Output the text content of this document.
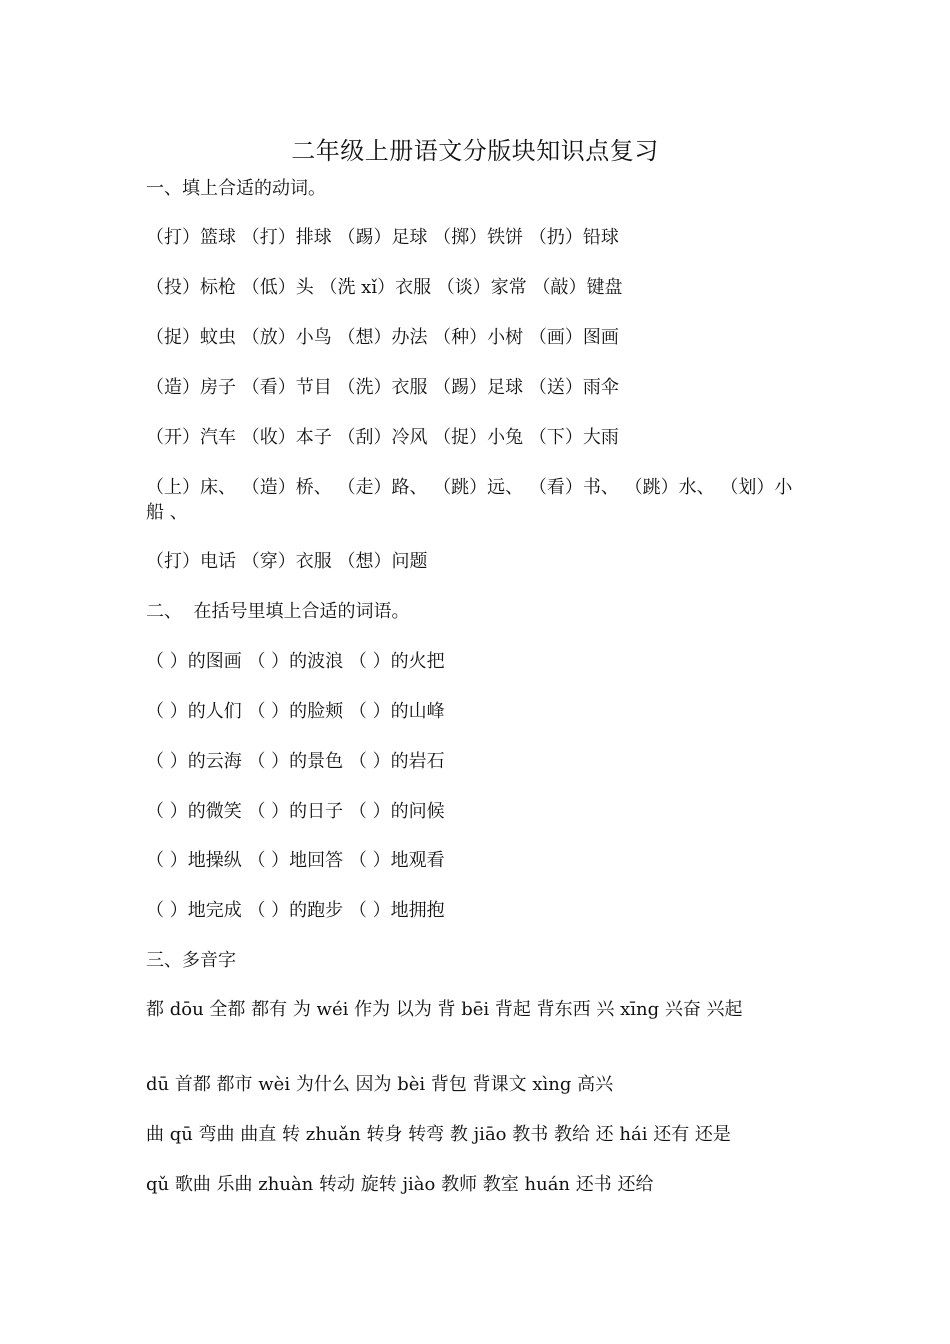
二年级上册语文分版块知识点复习
一、填上合适的动词。
（打）篮球 （打）排球 （踢）足球 （掷）铁饼 （扔）铅球
（投）标枪 （低）头 （洗 xǐ）衣服 （谈）家常 （敲）键盘
（捉）蚊虫 （放）小鸟 （想）办法 （种）小树 （画）图画
（造）房子 （看）节目 （洗）衣服 （踢）足球 （送）雨伞
（开）汽车 （收）本子 （刮）冷风 （捉）小兔 （下）大雨
（上）床、 （造）桥、 （走）路、 （跳）远、 （看）书、 （跳）水、 （划）小船 、
（打）电话 （穿）衣服 （想）问题
二、  在括号里填上合适的词语。
（ ）的图画 （ ）的波浪 （ ）的火把
（ ）的人们 （ ）的脸颊 （ ）的山峰
（ ）的云海 （ ）的景色 （ ）的岩石
（ ）的微笑 （ ）的日子 （ ）的问候
（ ）地操纵 （ ）地回答 （ ）地观看
（ ）地完成 （ ）的跑步 （ ）地拥抱
三、多音字
都 dōu 全都 都有 为 wéi 作为 以为 背 bēi 背起 背东西 兴 xīng 兴奋 兴起
dū 首都 都市 wèi 为什么 因为 bèi 背包 背课文 xìng 高兴
曲 qū 弯曲 曲直 转 zhuǎn 转身 转弯 教 jiāo 教书 教给 还 hái 还有 还是
qǔ 歌曲 乐曲 zhuàn 转动 旋转 jiào 教师 教室 huán 还书 还给
